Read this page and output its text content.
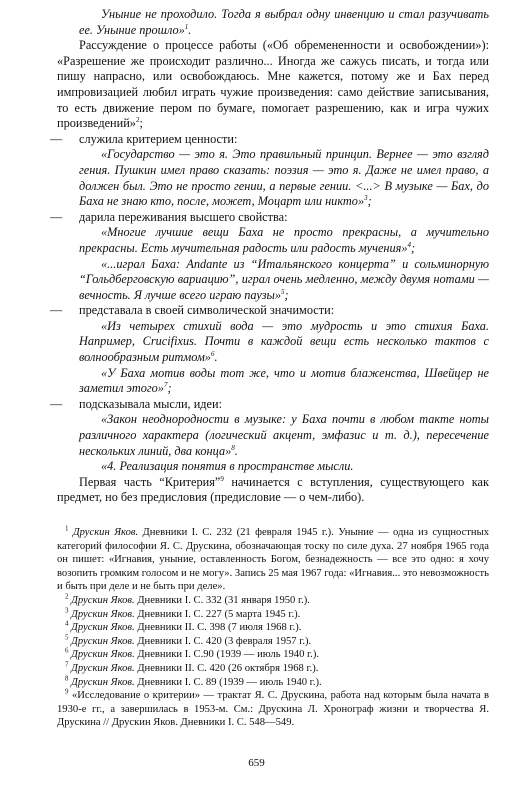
Уныние не проходило. Тогда я выбрал одну инвенцию и стал разучивать ее. Уныние прошло»$^1$.

Рассуждение о процессе работы («Об обремененности и освобождении»): «Разрешение же происходит различно... Иногда же сажусь писать, и тогда или пишу напрасно, или освобождаюсь. Мне кажется, потому же и Бах перед импровизацией любил играть чужие произведения: само действие записывания, то есть движение пером по бумаге, помогает разрешению, как и игра чужих произведений»$^2$;

—	служила критерием ценности:

«Государство — это я. Это правильный принцип. Вернее — это взгляд гения. Пушкин имел право сказать: поэзия — это я. Даже не имел право, а должен был. Это не просто гении, а первые гении. <...> В музыке — Бах, до Баха не знаю кто, после, может, Моцарт или никто»$^3$;

—	дарила переживания высшего свойства:

«Многие лучшие вещи Баха не просто прекрасны, а мучительно прекрасны. Есть мучительная радость или радость мучения»$^4$;

«...играл Баха: Andante из “Итальянского концерта” и сольминорную “Гольдберговскую вариацию”, играл очень медленно, между двумя нотами — вечность. Я лучше всего играю паузы»$^5$;

—	представала в своей символической значимости:

«Из четырех стихий вода — это мудрость и это стихия Баха. Например, Crucifixus. Почти в каждой вещи есть несколько тактов с волнообразным ритмом»$^6$.

«У Баха мотив воды тот же, что и мотив блаженства, Швейцер не заметил этого»$^7$;

—	подсказывала мысли, идеи:

«Закон неоднородности в музыке: у Баха почти в любом такте ноты различного характера (логический акцент, эмфазис и т. д.), пересечение нескольких линий, два конца»$^8$.

«4. Реализация понятия в пространстве мысли.

Первая часть “Критерия”$^9$ начинается с вступления, существующего как предмет, но без предисловия (предисловие — о чем-либо).

$^1$ Друскин Яков. Дневники I. С. 232 (21 февраля 1945 г.). Уныние — одна из сущностных категорий философии Я. С. Друскина, обозначающая тоску по силе духа. 27 ноября 1965 года он пишет: «Игнавия, уныние, оставленность Богом, безнадежность — все это одно: я хочу возопить громким голосом и не могу». Запись 25 мая 1967 года: «Игнавия... это невозможность и быть при деле и не быть при деле».

$^2$ Друскин Яков. Дневники I. С. 332 (31 января 1950 г.).

$^3$ Друскин Яков. Дневники I. С. 227 (5 марта 1945 г.).

$^4$ Друскин Яков. Дневники II. С. 398 (7 июля 1968 г.).

$^5$ Друскин Яков. Дневники I. С. 420 (3 февраля 1957 г.).

$^6$ Друскин Яков. Дневники I. С.90 (1939 — июль 1940 г.).

$^7$ Друскин Яков. Дневники II. С. 420 (26 октября 1968 г.).

$^8$ Друскин Яков. Дневники I. С. 89 (1939 — июль 1940 г.).

$^9$ «Исследование о критерии» — трактат Я. С. Друскина, работа над которым была начата в 1930-е гг., а завершилась в 1953-м. См.: Друскина Л. Хронограф жизни и творчества Я. Друскина // Друскин Яков. Дневники I. С. 548—549.

659
